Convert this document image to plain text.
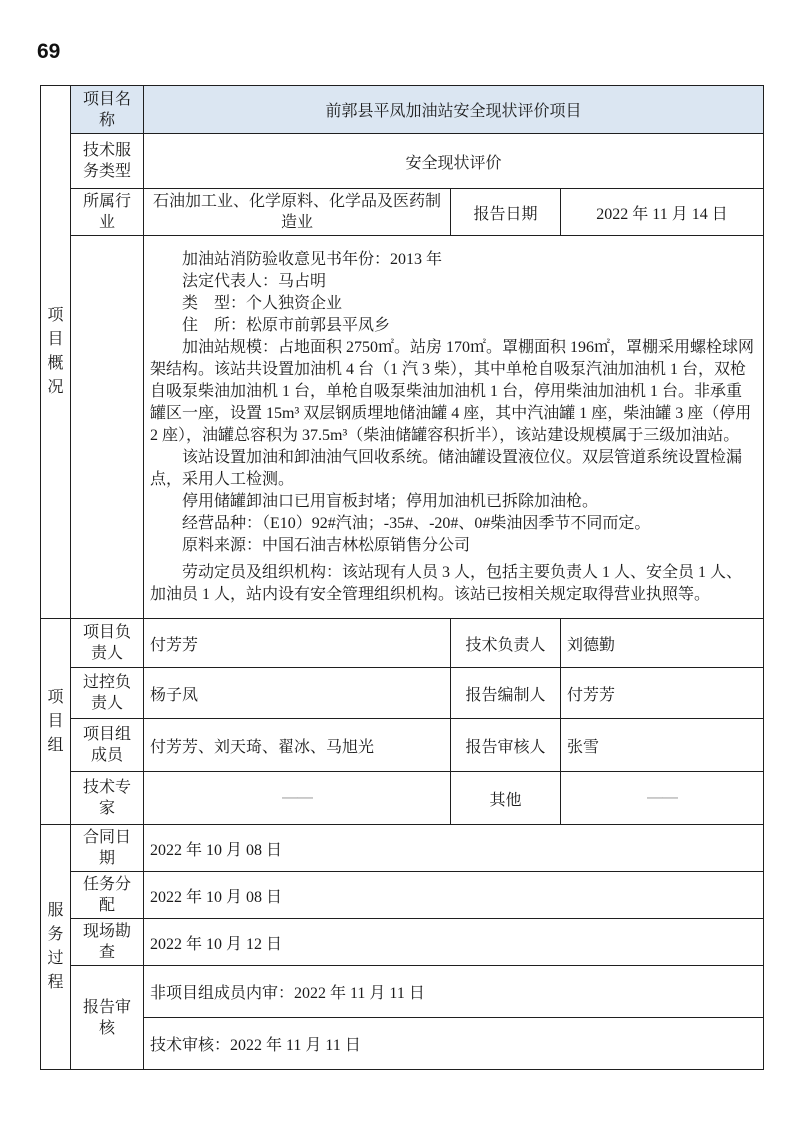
69
项目概况	项目名称	前郭县平凤加油站安全现状评价项目		
	技术服务类型	安全现状评价		
	所属行业	石油加工业、化学原料、化学品及医药制造业	报告日期	2022 年 11 月 14 日

加油站消防验收意见书年份：2013 年

法定代表人：马占明

类　型：个人独资企业

住　所：松原市前郭县平凤乡

加油站规模：占地面积 2750㎡。站房 170㎡。罩棚面积 196㎡，罩棚采用螺栓球网架结构。该站共设置加油机 4 台（1 汽 3 柴），其中单枪自吸泵汽油加油机 1 台，双枪自吸泵柴油加油机 1 台，单枪自吸泵柴油加油机 1 台，停用柴油加油机 1 台。非承重罐区一座，设置 15m³ 双层钢质埋地储油罐 4 座，其中汽油罐 1 座，柴油罐 3 座（停用 2 座），油罐总容积为 37.5m³（柴油储罐容积折半），该站建设规模属于三级加油站。

该站设置加油和卸油油气回收系统。储油罐设置液位仪。双层管道系统设置检漏点，采用人工检测。

停用储罐卸油口已用盲板封堵；停用加油机已拆除加油枪。

经营品种：（E10）92#汽油；-35#、-20#、0#柴油因季节不同而定。

原料来源：中国石油吉林松原销售分公司

劳动定员及组织机构：该站现有人员 3 人，包括主要负责人 1 人、安全员 1 人、加油员 1 人，站内设有安全管理组织机构。该站已按相关规定取得营业执照等。

项目组	项目负责人	付芳芳	技术负责人	刘德勤
	过控负责人	杨子凤	报告编制人	付芳芳
	项目组成员	付芳芳、刘天琦、翟冰、马旭光	报告审核人	张雪
	技术专家	——	其他	——
服务过程	合同日期	2022 年 10 月 08 日		
	任务分配	2022 年 10 月 08 日		
	现场勘查	2022 年 10 月 12 日		
	报告审核	非项目组成员内审：2022 年 11 月 11 日		
		技术审核：2022 年 11 月 11 日		
